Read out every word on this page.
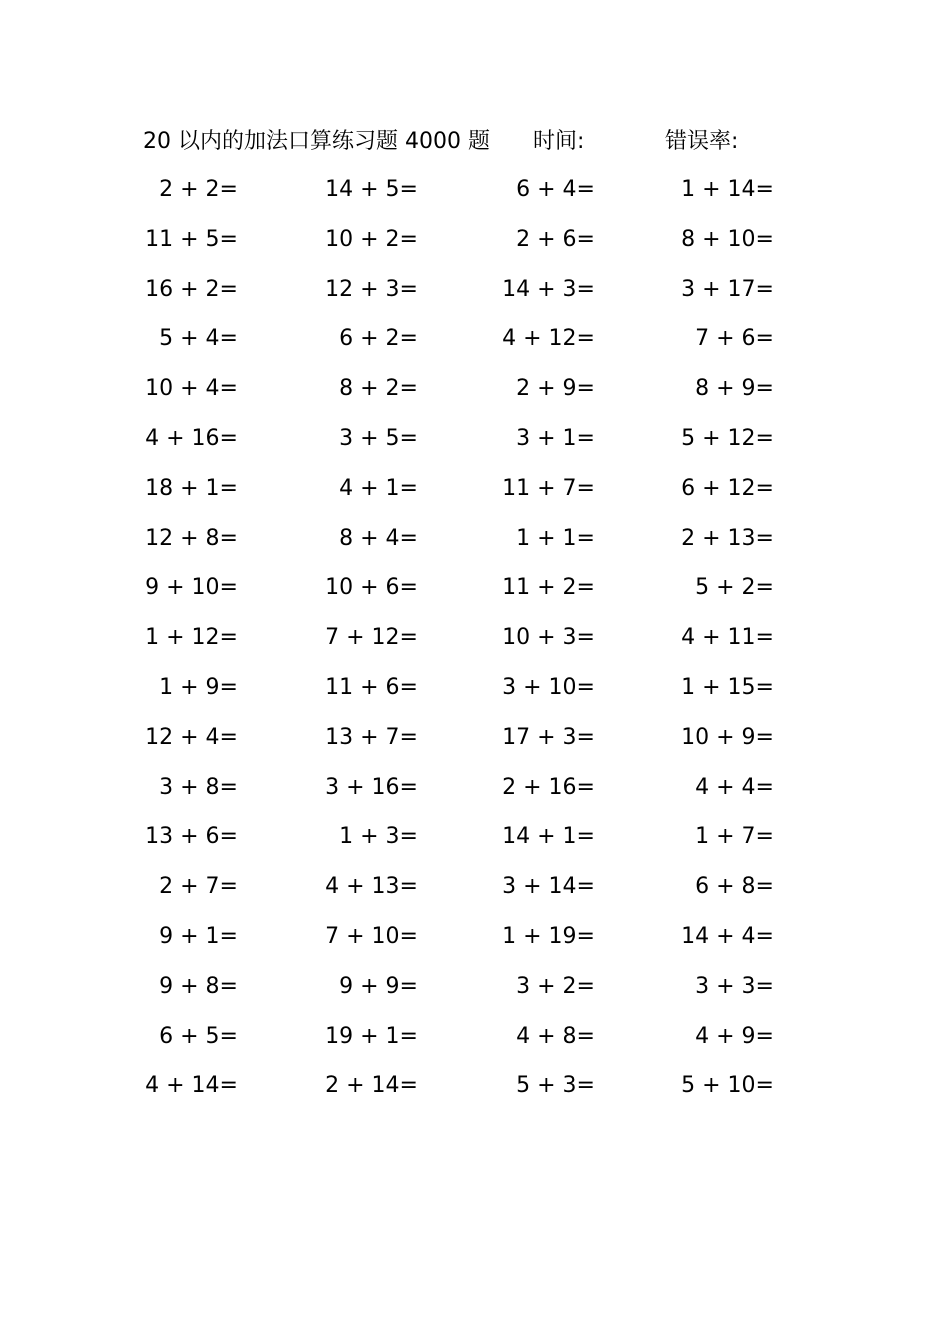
20 以内的加法口算练习题 4000 题 时间:	错误率:
2 + 2=	14 + 5=	6 + 4=	1 + 14=
11 + 5=	10 + 2=	2 + 6=	8 + 10=
16 + 2=	12 + 3=	14 + 3=	3 + 17=
5 + 4=	6 + 2=	4 + 12=	7 + 6=
10 + 4=	8 + 2=	2 + 9=	8 + 9=
4 + 16=	3 + 5=	3 + 1=	5 + 12=
18 + 1=	4 + 1=	11 + 7=	6 + 12=
12 + 8=	8 + 4=	1 + 1=	2 + 13=
9 + 10=	10 + 6=	11 + 2=	5 + 2=
1 + 12=	7 + 12=	10 + 3=	4 + 11=
1 + 9=	11 + 6=	3 + 10=	1 + 15=
12 + 4=	13 + 7=	17 + 3=	10 + 9=
3 + 8=	3 + 16=	2 + 16=	4 + 4=
13 + 6=	1 + 3=	14 + 1=	1 + 7=
2 + 7=	4 + 13=	3 + 14=	6 + 8=
9 + 1=	7 + 10=	1 + 19=	14 + 4=
9 + 8=	9 + 9=	3 + 2=	3 + 3=
6 + 5=	19 + 1=	4 + 8=	4 + 9=
4 + 14=	2 + 14=	5 + 3=	5 + 10=
